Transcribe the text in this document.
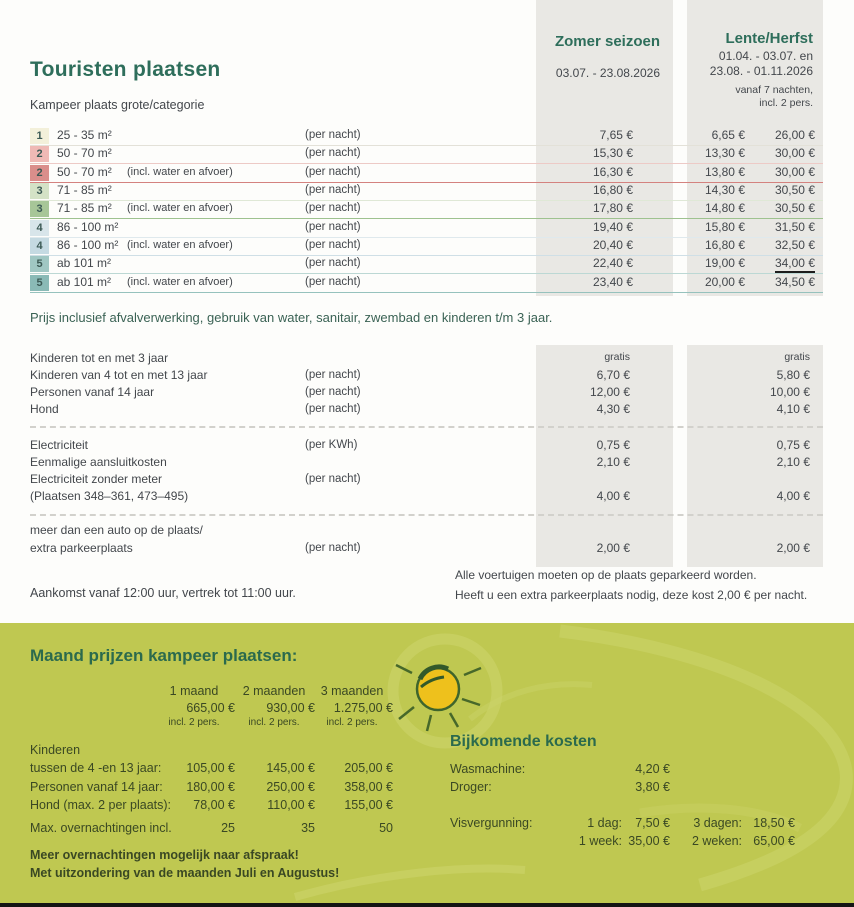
Touristen plaatsen
Kampeer plaats grote/categorie
Zomer seizoen
03.07. - 23.08.2026
Lente/Herfst
01.04. - 03.07. en
23.08. - 01.11.2026
vanaf 7 nachten,
incl. 2 pers.
1	25 - 35 m²	(per nacht)	7,65 €	6,65 €	26,00 €
2	50 - 70 m²	(per nacht)	15,30 €	13,30 €	30,00 €
2	50 - 70 m² (incl. water en afvoer)	(per nacht)	16,30 €	13,80 €	30,00 €
3	71 - 85 m²	(per nacht)	16,80 €	14,30 €	30,50 €
3	71 - 85 m² (incl. water en afvoer)	(per nacht)	17,80 €	14,80 €	30,50 €
4	86 - 100 m²	(per nacht)	19,40 €	15,80 €	31,50 €
4	86 - 100 m² (incl. water en afvoer)	(per nacht)	20,40 €	16,80 €	32,50 €
5	ab 101 m²	(per nacht)	22,40 €	19,00 €	34,00 €
5	ab 101 m² (incl. water en afvoer)	(per nacht)	23,40 €	20,00 €	34,50 €
Prijs inclusief afvalverwerking, gebruik van water, sanitair, zwembad en kinderen t/m 3 jaar.
Kinderen tot en met 3 jaar	gratis	gratis
Kinderen van 4 tot en met 13 jaar	(per nacht)	6,70 €	5,80 €
Personen vanaf 14 jaar	(per nacht)	12,00 €	10,00 €
Hond	(per nacht)	4,30 €	4,10 €
Electriciteit	(per KWh)	0,75 €	0,75 €
Eenmalige aansluitkosten	2,10 €	2,10 €
Electriciteit zonder meter	(per nacht)
(Plaatsen 348–361, 473–495)	4,00 €	4,00 €
meer dan een auto op de plaats/
extra parkeerplaats	(per nacht)	2,00 €	2,00 €
Alle voertuigen moeten op de plaats geparkeerd worden.
Heeft u een extra parkeerplaats nodig, deze kost 2,00 € per nacht.
Aankomst vanaf 12:00 uur, vertrek tot 11:00 uur.
Maand prijzen kampeer plaatsen:
1 maand	2 maanden	3 maanden
665,00 €	930,00 €	1.275,00 €
incl. 2 pers.	incl. 2 pers.	incl. 2 pers.
Kinderen
tussen de 4 -en 13 jaar:	105,00 €	145,00 €	205,00 €
Personen vanaf 14 jaar:	180,00 €	250,00 €	358,00 €
Hond (max. 2 per plaats):	78,00 €	110,00 €	155,00 €
Max. overnachtingen incl.	25	35	50
Meer overnachtingen mogelijk naar afspraak!
Met uitzondering van de maanden Juli en Augustus!
Bijkomende kosten
Wasmachine:	4,20 €
Droger:	3,80 €
Visvergunning:	1 dag:	7,50 €	3 dagen: 18,50 €
1 week: 35,00 €	2 weken: 65,00 €
